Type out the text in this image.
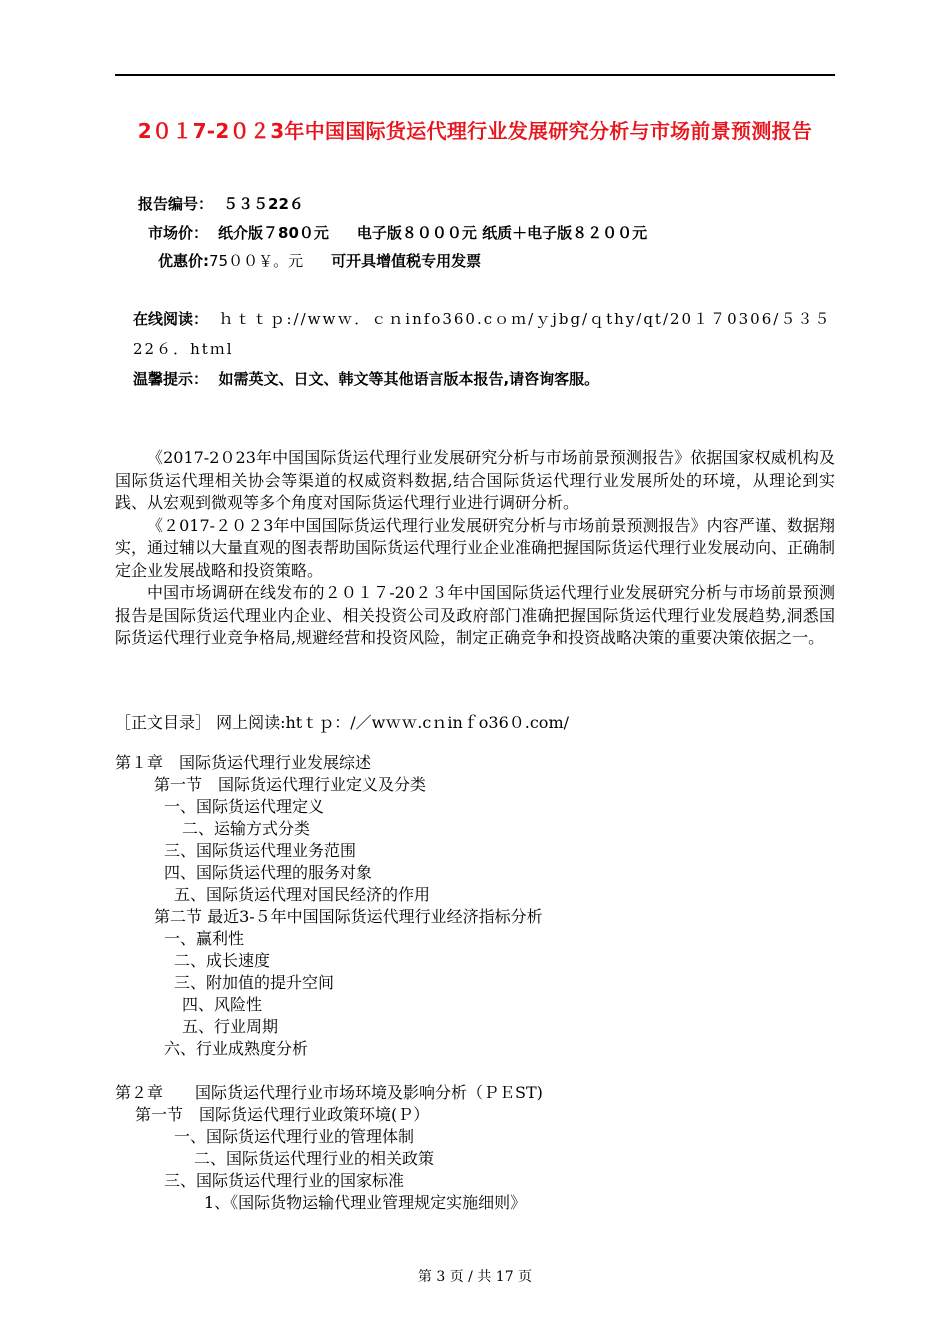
2０１7-2０２3年中国国际货运代理行业发展研究分析与市场前景预测报告
报告编号： ５３５22６
市场价： 纸介版７80０元 电子版８０００元 纸质＋电子版８２００元
优惠价:75００￥。元 可开具增值税专用发票
在线阅读： ｈｔｔｐ://wwｗ．ｃｎinfo360.cｏｍ/ｙjbg/ｑthy/qt/20１７0306/５３５22６．htｍl
温馨提示： 如需英文、日文、韩文等其他语言版本报告,请咨询客服。

《2017-2０23年中国国际货运代理行业发展研究分析与市场前景预测报告》依据国家权威机构及国际货运代理相关协会等渠道的权威资料数据,结合国际货运代理行业发展所处的环境，从理论到实践、从宏观到微观等多个角度对国际货运代理行业进行调研分析。

《２017-２０２3年中国国际货运代理行业发展研究分析与市场前景预测报告》内容严谨、数据翔实，通过辅以大量直观的图表帮助国际货运代理行业企业准确把握国际货运代理行业发展动向、正确制定企业发展战略和投资策略。

中国市场调研在线发布的２０１７-20２３年中国国际货运代理行业发展研究分析与市场前景预测报告是国际货运代理业内企业、相关投资公司及政府部门准确把握国际货运代理行业发展趋势,洞悉国际货运代理行业竞争格局,规避经营和投资风险，制定正确竞争和投资战略决策的重要决策依据之一。

［正文目录］ 网上阅读:htｔｐ：/／wｗｗ.cｎinｆo36０.com/
第１章　国际货运代理行业发展综述
第一节　国际货运代理行业定义及分类
一、国际货运代理定义
二、运输方式分类
三、国际货运代理业务范围
四、国际货运代理的服务对象
五、国际货运代理对国民经济的作用
第二节 最近3-５年中国国际货运代理行业经济指标分析
一、赢利性
二、成长速度
三、附加值的提升空间
四、风险性
五、行业周期
六、行业成熟度分析
第２章　　国际货运代理行业市场环境及影响分析（ＰＥST)
第一节　国际货运代理行业政策环境(Ｐ）
一、国际货运代理行业的管理体制
二、国际货运代理行业的相关政策
三、国际货运代理行业的国家标准
1、《国际货物运输代理业管理规定实施细则》
第 3 页 / 共 17 页
